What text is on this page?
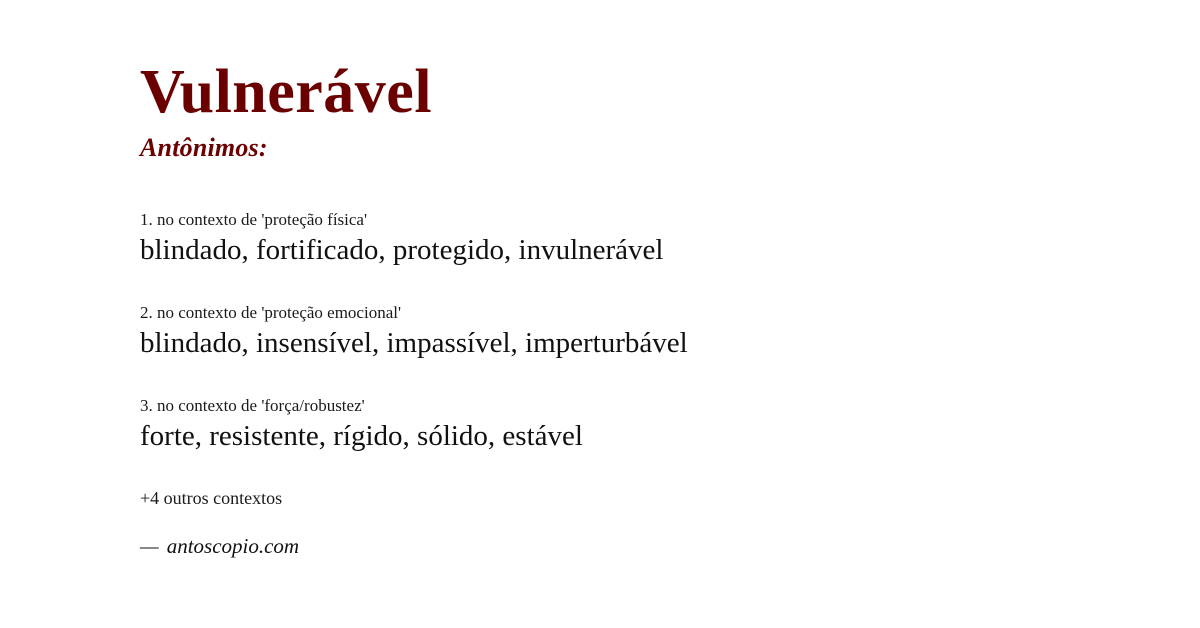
Vulnerável
Antônimos:
1. no contexto de 'proteção física'
blindado, fortificado, protegido, invulnerável
2. no contexto de 'proteção emocional'
blindado, insensível, impassível, imperturbável
3. no contexto de 'força/robustez'
forte, resistente, rígido, sólido, estável
+4 outros contextos
— antoscopio.com
